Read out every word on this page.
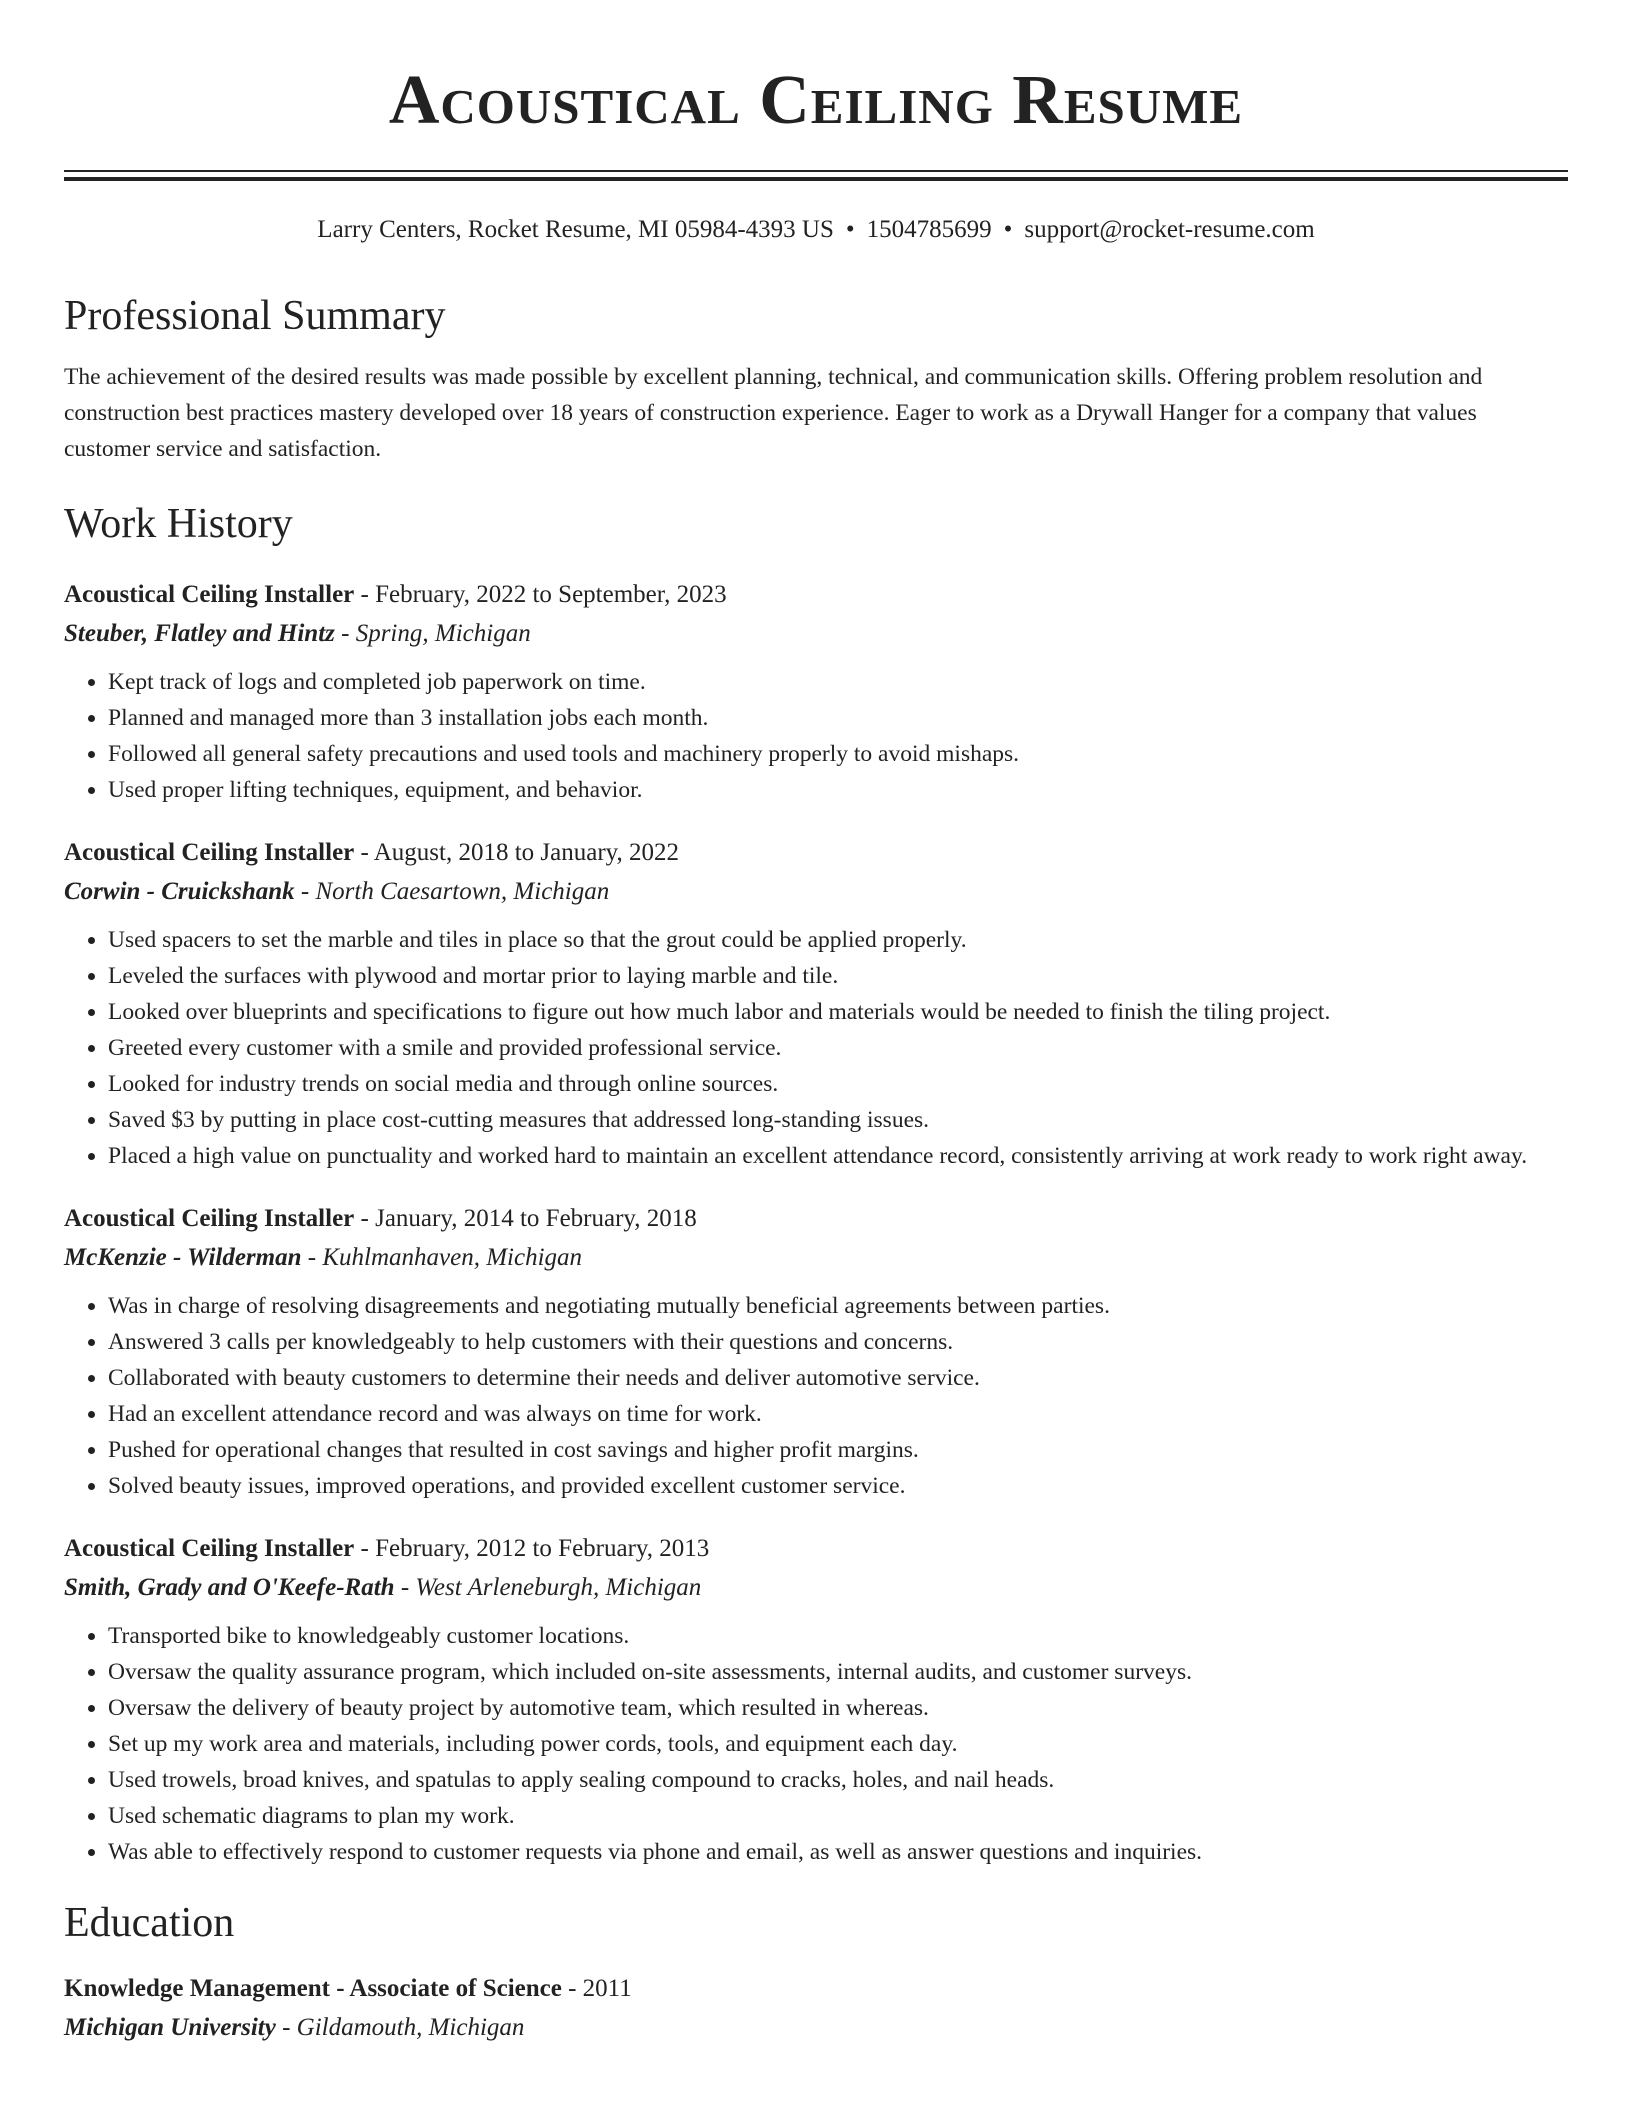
Acoustical Ceiling Resume
Larry Centers, Rocket Resume, MI 05984-4393 US • 1504785699 • support@rocket-resume.com
Professional Summary

The achievement of the desired results was made possible by excellent planning, technical, and communication skills. Offering problem resolution and construction best practices mastery developed over 18 years of construction experience. Eager to work as a Drywall Hanger for a company that values customer service and satisfaction.

Work History
Acoustical Ceiling Installer - February, 2022 to September, 2023
Steuber, Flatley and Hintz - Spring, Michigan
• Kept track of logs and completed job paperwork on time.
• Planned and managed more than 3 installation jobs each month.
• Followed all general safety precautions and used tools and machinery properly to avoid mishaps.
• Used proper lifting techniques, equipment, and behavior.
Acoustical Ceiling Installer - August, 2018 to January, 2022
Corwin - Cruickshank - North Caesartown, Michigan
• Used spacers to set the marble and tiles in place so that the grout could be applied properly.
• Leveled the surfaces with plywood and mortar prior to laying marble and tile.
• Looked over blueprints and specifications to figure out how much labor and materials would be needed to finish the tiling project.
• Greeted every customer with a smile and provided professional service.
• Looked for industry trends on social media and through online sources.
• Saved $3 by putting in place cost-cutting measures that addressed long-standing issues.
• Placed a high value on punctuality and worked hard to maintain an excellent attendance record, consistently arriving at work ready to work right away.
Acoustical Ceiling Installer - January, 2014 to February, 2018
McKenzie - Wilderman - Kuhlmanhaven, Michigan
• Was in charge of resolving disagreements and negotiating mutually beneficial agreements between parties.
• Answered 3 calls per knowledgeably to help customers with their questions and concerns.
• Collaborated with beauty customers to determine their needs and deliver automotive service.
• Had an excellent attendance record and was always on time for work.
• Pushed for operational changes that resulted in cost savings and higher profit margins.
• Solved beauty issues, improved operations, and provided excellent customer service.
Acoustical Ceiling Installer - February, 2012 to February, 2013
Smith, Grady and O'Keefe-Rath - West Arleneburgh, Michigan
• Transported bike to knowledgeably customer locations.
• Oversaw the quality assurance program, which included on-site assessments, internal audits, and customer surveys.
• Oversaw the delivery of beauty project by automotive team, which resulted in whereas.
• Set up my work area and materials, including power cords, tools, and equipment each day.
• Used trowels, broad knives, and spatulas to apply sealing compound to cracks, holes, and nail heads.
• Used schematic diagrams to plan my work.
• Was able to effectively respond to customer requests via phone and email, as well as answer questions and inquiries.
Education
Knowledge Management - Associate of Science - 2011
Michigan University - Gildamouth, Michigan
